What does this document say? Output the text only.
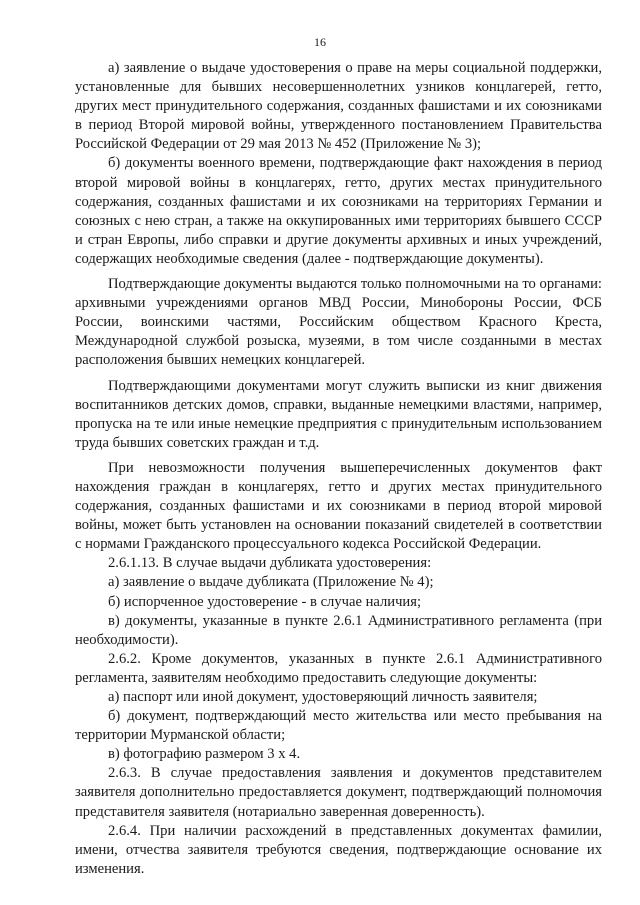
16

а) заявление о выдаче удостоверения о праве на меры социальной поддержки, установленные для бывших несовершеннолетних узников концлагерей, гетто, других мест принудительного содержания, созданных фашистами и их союзниками в период Второй мировой войны, утвержденного постановлением Правительства Российской Федерации от 29 мая 2013 № 452 (Приложение № 3);

б) документы военного времени, подтверждающие факт нахождения в период второй мировой войны в концлагерях, гетто, других местах принудительного содержания, созданных фашистами и их союзниками на территориях Германии и союзных с нею стран, а также на оккупированных ими территориях бывшего СССР и стран Европы, либо справки и другие документы архивных и иных учреждений, содержащих необходимые сведения (далее - подтверждающие документы).

Подтверждающие документы выдаются только полномочными на то органами: архивными учреждениями органов МВД России, Минобороны России, ФСБ России, воинскими частями, Российским обществом Красного Креста, Международной службой розыска, музеями, в том числе созданными в местах расположения бывших немецких концлагерей.

Подтверждающими документами могут служить выписки из книг движения воспитанников детских домов, справки, выданные немецкими властями, например, пропуска на те или иные немецкие предприятия с принудительным использованием труда бывших советских граждан и т.д.

При невозможности получения вышеперечисленных документов факт нахождения граждан в концлагерях, гетто и других местах принудительного содержания, созданных фашистами и их союзниками в период второй мировой войны, может быть установлен на основании показаний свидетелей в соответствии с нормами Гражданского процессуального кодекса Российской Федерации.

2.6.1.13. В случае выдачи дубликата удостоверения:

а) заявление о выдаче дубликата (Приложение № 4);

б) испорченное удостоверение - в случае наличия;

в) документы, указанные в пункте 2.6.1 Административного регламента (при необходимости).

2.6.2. Кроме документов, указанных в пункте 2.6.1 Административного регламента, заявителям необходимо предоставить следующие документы:

а) паспорт или иной документ, удостоверяющий личность заявителя;

б) документ, подтверждающий место жительства или место пребывания на территории Мурманской области;

в) фотографию размером 3 х 4.

2.6.3. В случае предоставления заявления и документов представителем заявителя дополнительно предоставляется документ, подтверждающий полномочия представителя заявителя (нотариально заверенная доверенность).

2.6.4. При наличии расхождений в представленных документах фамилии, имени, отчества заявителя требуются сведения, подтверждающие основание их изменения.
